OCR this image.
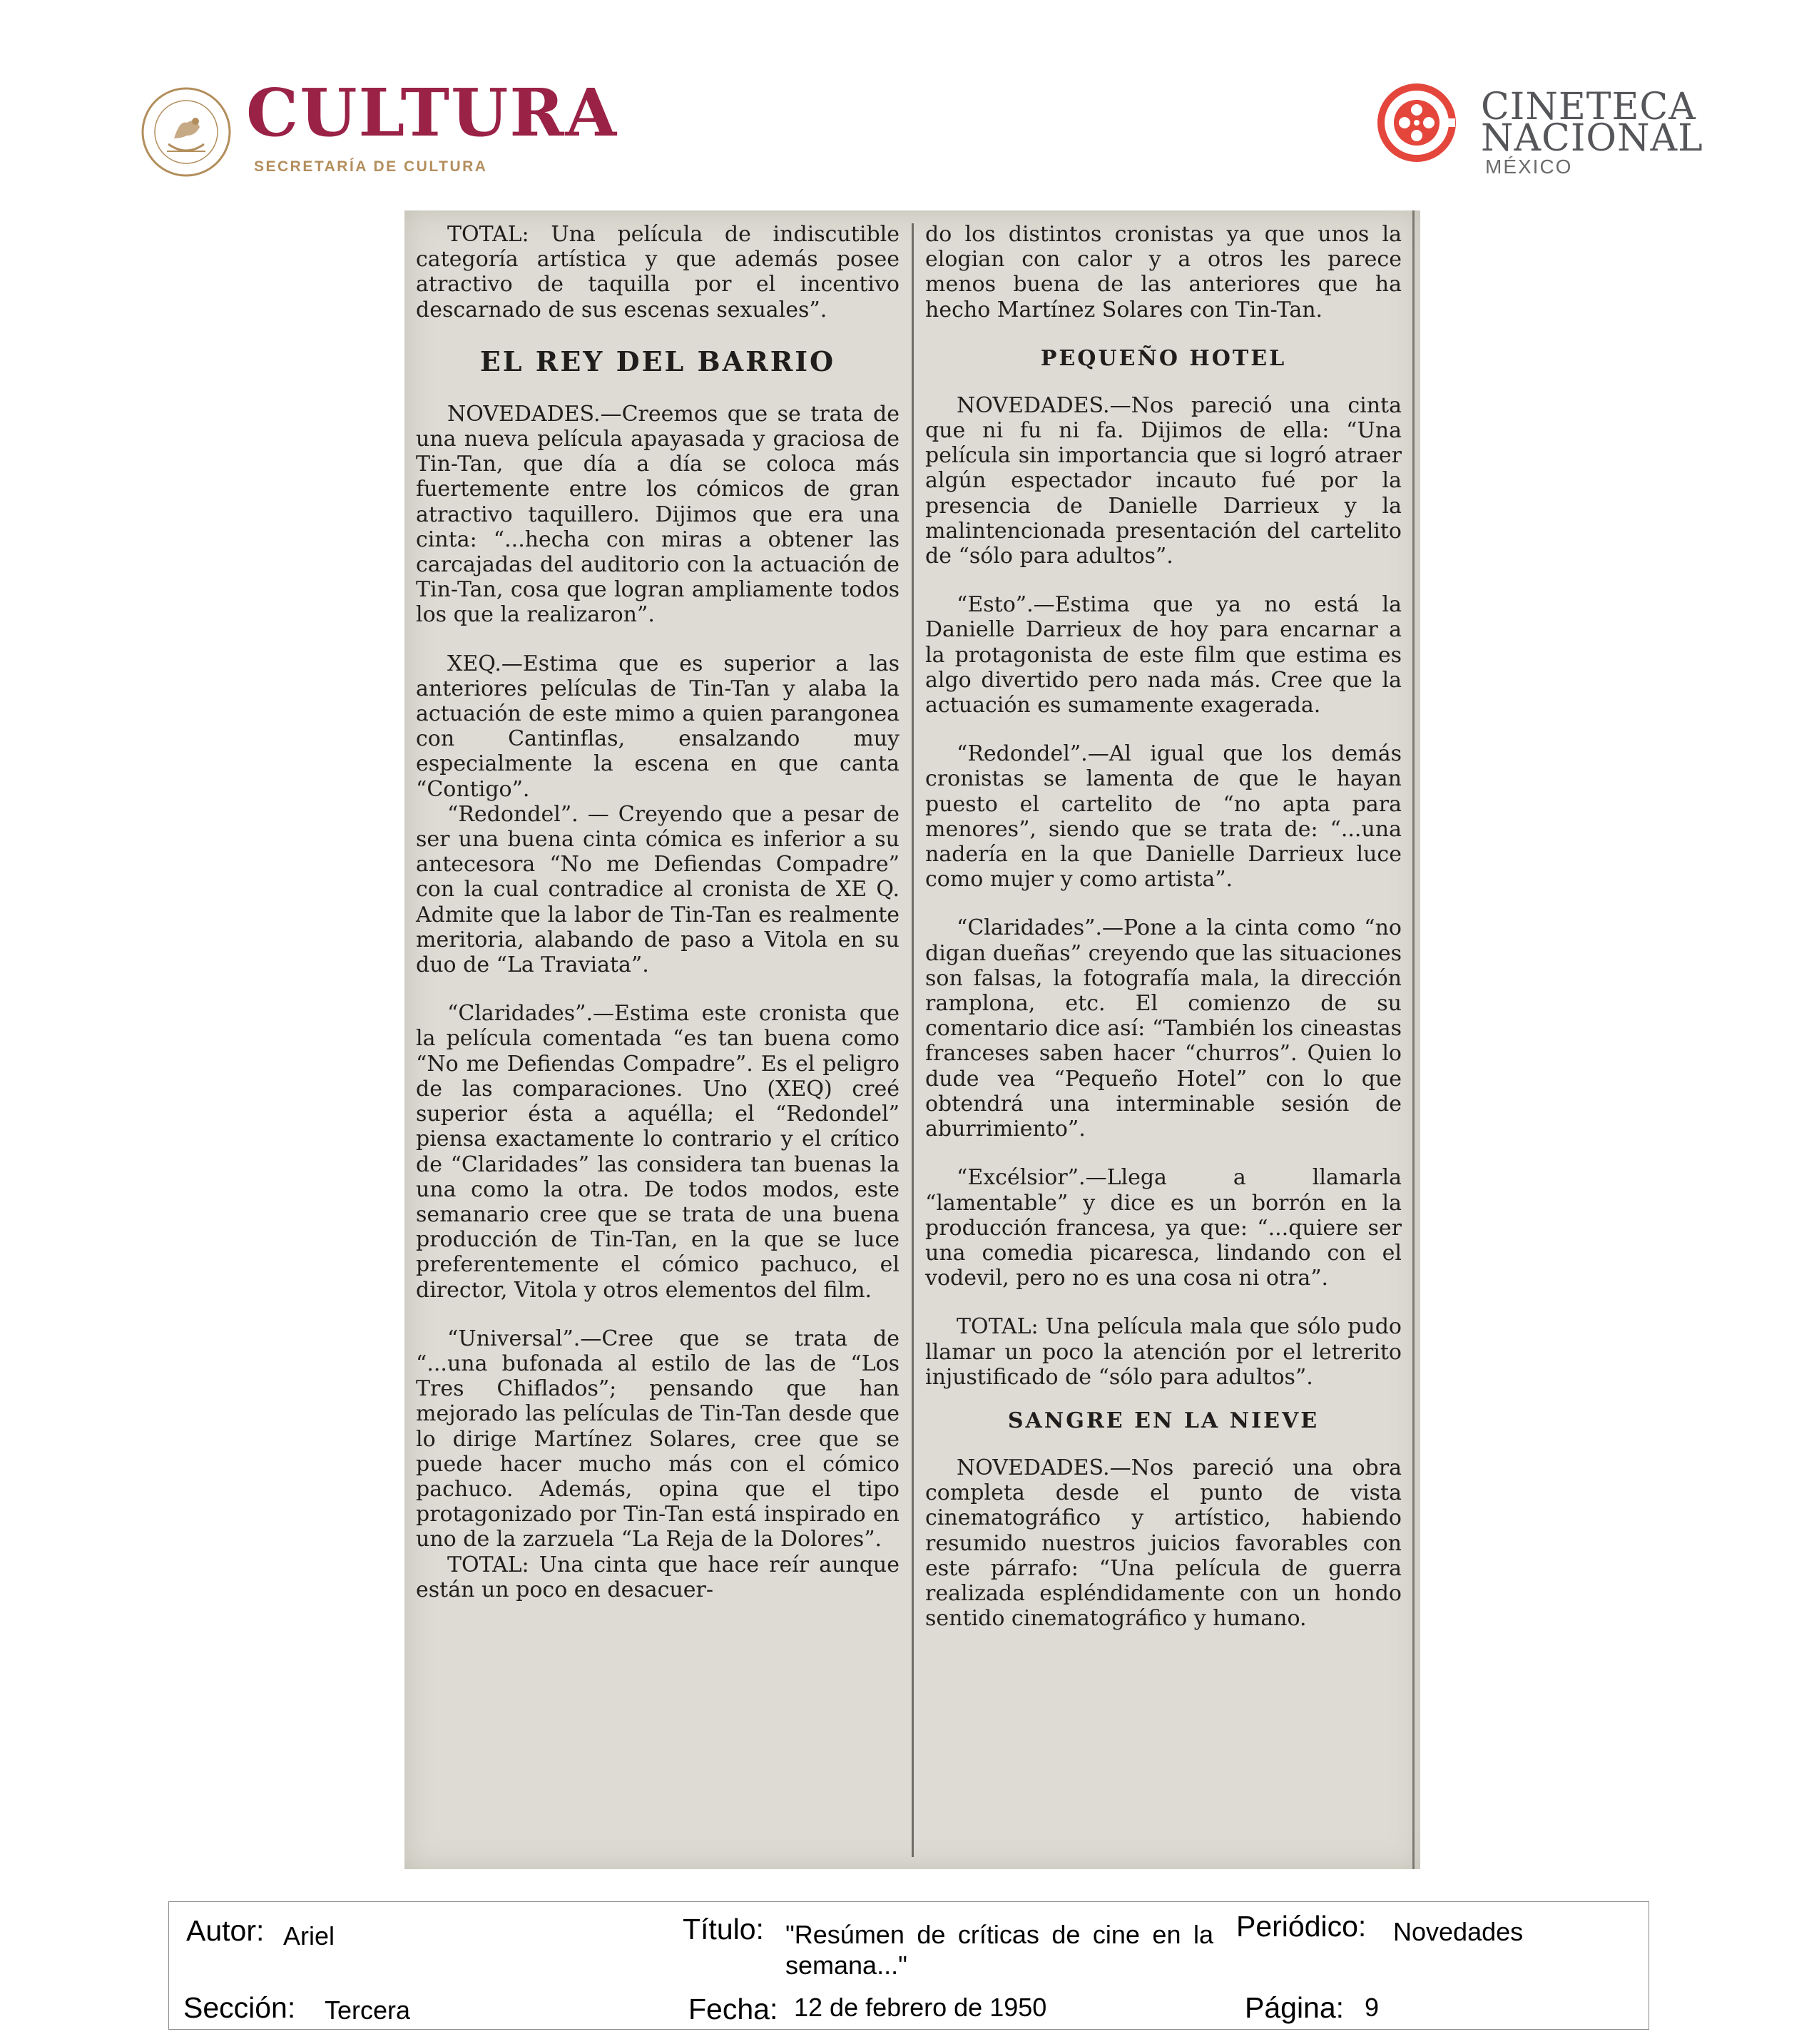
CULTURA
SECRETARÍA DE CULTURA
CINETECA
NACIONAL
MÉXICO

TOTAL: Una película de indiscutible categoría artística y que además posee atractivo de taquilla por el incentivo descarnado de sus escenas sexuales”.

EL REY DEL BARRIO

NOVEDADES.—Creemos que se trata de una nueva película apayasada y graciosa de Tin-Tan, que día a día se coloca más fuertemente entre los cómicos de gran atractivo taquillero. Dijimos que era una cinta: “...hecha con miras a obtener las carcajadas del auditorio con la actuación de Tin-Tan, cosa que logran ampliamente todos los que la realizaron”.

XEQ.—Estima que es superior a las anteriores películas de Tin-Tan y alaba la actuación de este mimo a quien parangonea con Cantinflas, ensalzando muy especialmente la escena en que canta “Contigo”.

“Redondel”. — Creyendo que a pesar de ser una buena cinta cómica es inferior a su antecesora “No me Defiendas Compadre” con la cual contradice al cronista de XE Q. Admite que la labor de Tin-Tan es realmente meritoria, alabando de paso a Vitola en su duo de “La Traviata”.

“Claridades”.—Estima este cronista que la película comentada “es tan buena como “No me Defiendas Compadre”. Es el peligro de las comparaciones. Uno (XEQ) creé superior ésta a aquélla; el “Redondel” piensa exactamente lo contrario y el crítico de “Claridades” las considera tan buenas la una como la otra. De todos modos, este semanario cree que se trata de una buena producción de Tin-Tan, en la que se luce preferentemente el cómico pachuco, el director, Vitola y otros elementos del film.

“Universal”.—Cree que se trata de “...una bufonada al estilo de las de “Los Tres Chiflados”; pensando que han mejorado las películas de Tin-Tan desde que lo dirige Martínez Solares, cree que se puede hacer mucho más con el cómico pachuco. Además, opina que el tipo protagonizado por Tin-Tan está inspirado en uno de la zarzuela “La Reja de la Dolores”.

TOTAL: Una cinta que hace reír aunque están un poco en desacuer-

do los distintos cronistas ya que unos la elogian con calor y a otros les parece menos buena de las anteriores que ha hecho Martínez Solares con Tin-Tan.

PEQUEÑO HOTEL

NOVEDADES.—Nos pareció una cinta que ni fu ni fa. Dijimos de ella: “Una película sin importancia que si logró atraer algún espectador incauto fué por la presencia de Danielle Darrieux y la malintencionada presentación del cartelito de “sólo para adultos”.

“Esto”.—Estima que ya no está la Danielle Darrieux de hoy para encarnar a la protagonista de este film que estima es algo divertido pero nada más. Cree que la actuación es sumamente exagerada.

“Redondel”.—Al igual que los demás cronistas se lamenta de que le hayan puesto el cartelito de “no apta para menores”, siendo que se trata de: “...una nadería en la que Danielle Darrieux luce como mujer y como artista”.

“Claridades”.—Pone a la cinta como “no digan dueñas” creyendo que las situaciones son falsas, la fotografía mala, la dirección ramplona, etc. El comienzo de su comentario dice así: “También los cineastas franceses saben hacer “churros”. Quien lo dude vea “Pequeño Hotel” con lo que obtendrá una interminable sesión de aburrimiento”.

“Excélsior”.—Llega a llamarla “lamentable” y dice es un borrón en la producción francesa, ya que: “...quiere ser una comedia picaresca, lindando con el vodevil, pero no es una cosa ni otra”.

TOTAL: Una película mala que sólo pudo llamar un poco la atención por el letrerito injustificado de “sólo para adultos”.

SANGRE EN LA NIEVE

NOVEDADES.—Nos pareció una obra completa desde el punto de vista cinematográfico y artístico, habiendo resumido nuestros juicios favorables con este párrafo: “Una película de guerra realizada espléndidamente con un hondo sentido cinematográfico y humano.

Autor: Ariel	Título: "Resúmen de críticas de cine en la semana..."
Periódico: Novedades
Sección: Tercera	Fecha: 12 de febrero de 1950	Página: 9
